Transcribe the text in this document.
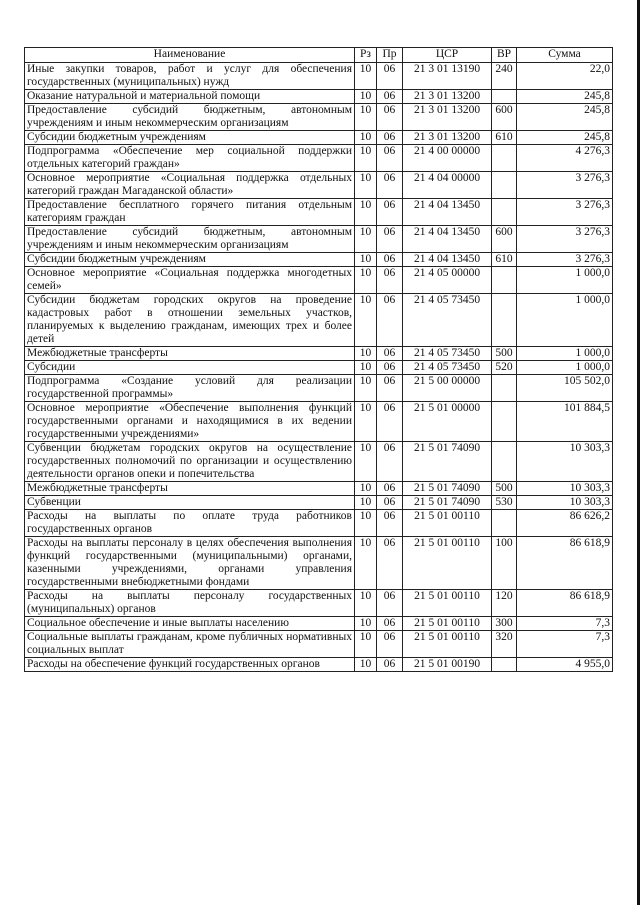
Наименование	Рз	Пр	ЦСР	ВР	Сумма
Иные закупки товаров, работ и услуг для обеспечения государственных (муниципальных) нужд	10	06	21 3 01 13190	240	22,0
Оказание натуральной и материальной помощи	10	06	21 3 01 13200		245,8
Предоставление субсидий бюджетным, автономным учреждениям и иным некоммерческим организациям	10	06	21 3 01 13200	600	245,8
Субсидии бюджетным учреждениям	10	06	21 3 01 13200	610	245,8
Подпрограмма «Обеспечение мер социальной поддержки отдельных категорий граждан»	10	06	21 4 00 00000		4 276,3
Основное мероприятие «Социальная поддержка отдельных категорий граждан Магаданской области»	10	06	21 4 04 00000		3 276,3
Предоставление бесплатного горячего питания отдельным категориям граждан	10	06	21 4 04 13450		3 276,3
Предоставление субсидий бюджетным, автономным учреждениям и иным некоммерческим организациям	10	06	21 4 04 13450	600	3 276,3
Субсидии бюджетным учреждениям	10	06	21 4 04 13450	610	3 276,3
Основное мероприятие «Социальная поддержка многодетных семей»	10	06	21 4 05 00000		1 000,0
Субсидии бюджетам городских округов на проведение кадастровых работ в отношении земельных участков, планируемых к выделению гражданам, имеющих трех и более детей	10	06	21 4 05 73450		1 000,0
Межбюджетные трансферты	10	06	21 4 05 73450	500	1 000,0
Субсидии	10	06	21 4 05 73450	520	1 000,0
Подпрограмма «Создание условий для реализации государственной программы»	10	06	21 5 00 00000		105 502,0
Основное мероприятие «Обеспечение выполнения функций государственными органами и находящимися в их ведении государственными учреждениями»	10	06	21 5 01 00000		101 884,5
Субвенции бюджетам городских округов на осуществление государственных полномочий по организации и осуществлению деятельности органов опеки и попечительства	10	06	21 5 01 74090		10 303,3
Межбюджетные трансферты	10	06	21 5 01 74090	500	10 303,3
Субвенции	10	06	21 5 01 74090	530	10 303,3
Расходы на выплаты по оплате труда работников государственных органов	10	06	21 5 01 00110		86 626,2
Расходы на выплаты персоналу в целях обеспечения выполнения функций государственными (муниципальными) органами, казенными учреждениями, органами управления государственными внебюджетными фондами	10	06	21 5 01 00110	100	86 618,9
Расходы на выплаты персоналу государственных (муниципальных) органов	10	06	21 5 01 00110	120	86 618,9
Социальное обеспечение и иные выплаты населению	10	06	21 5 01 00110	300	7,3
Социальные выплаты гражданам, кроме публичных нормативных социальных выплат	10	06	21 5 01 00110	320	7,3
Расходы на обеспечение функций государственных органов	10	06	21 5 01 00190		4 955,0
